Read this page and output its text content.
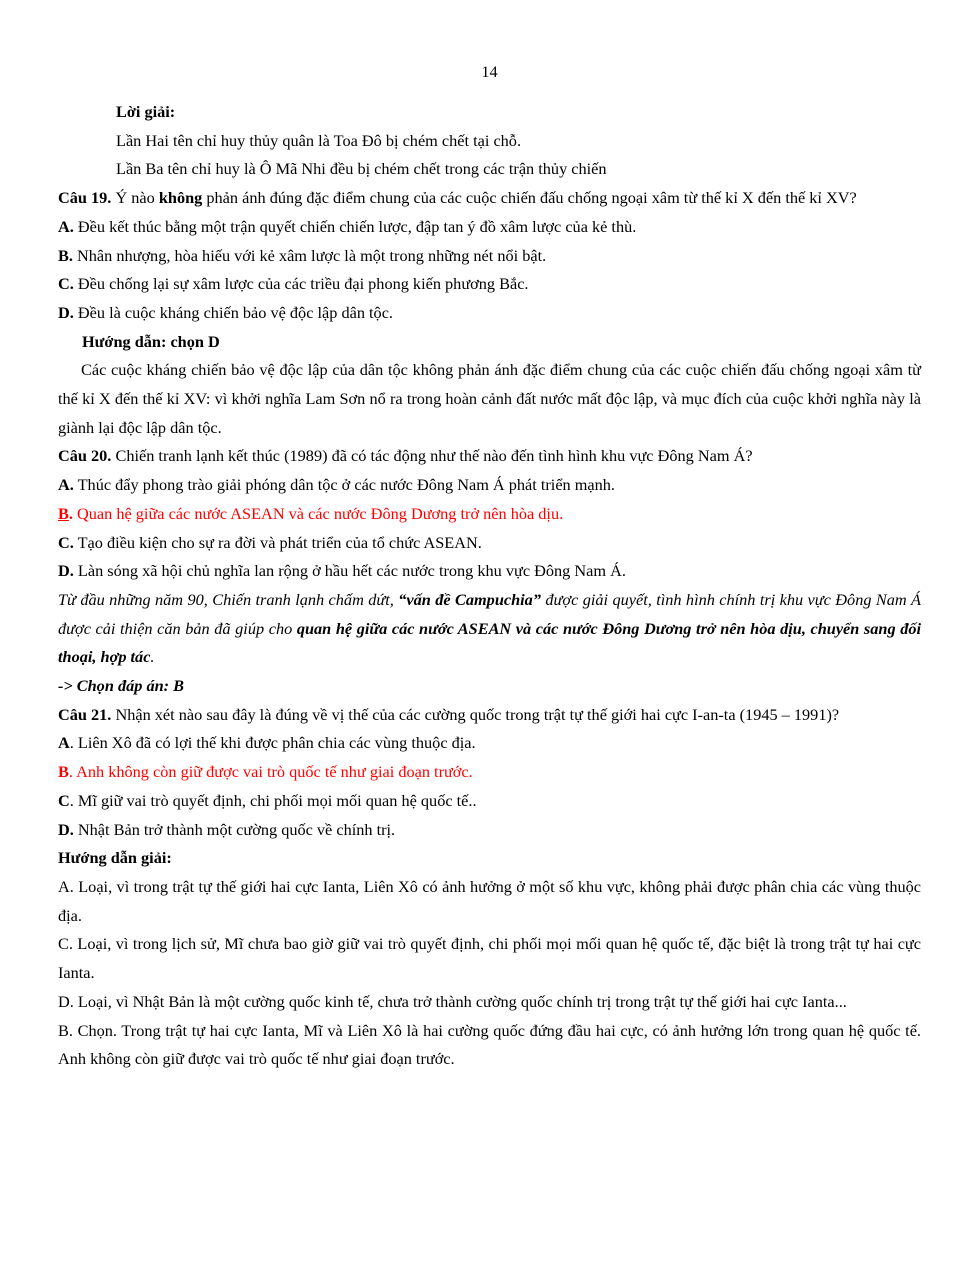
14

Lời giải:

Lần Hai tên chỉ huy thủy quân là Toa Đô bị chém chết tại chỗ.

Lần Ba tên chỉ huy là Ô Mã Nhi đều bị chém chết trong các trận thủy chiến

Câu 19. Ý nào không phản ánh đúng đặc điểm chung của các cuộc chiến đấu chống ngoại xâm từ thế kỉ X đến thế kỉ XV?

A. Đều kết thúc bằng một trận quyết chiến chiến lược, đập tan ý đồ xâm lược của kẻ thù.

B. Nhân nhượng, hòa hiếu với kẻ xâm lược là một trong những nét nổi bật.

C. Đều chống lại sự xâm lược của các triều đại phong kiến phương Bắc.

D. Đều là cuộc kháng chiến bảo vệ độc lập dân tộc.

Hướng dẫn: chọn D

Các cuộc kháng chiến bảo vệ độc lập của dân tộc không phản ánh đặc điểm chung của các cuộc chiến đấu chống ngoại xâm từ thế kỉ X đến thế kỉ XV: vì khởi nghĩa Lam Sơn nổ ra trong hoàn cảnh đất nước mất độc lập, và mục đích của cuộc khởi nghĩa này là giành lại độc lập dân tộc.

Câu 20. Chiến tranh lạnh kết thúc (1989) đã có tác động như thế nào đến tình hình khu vực Đông Nam Á?

A. Thúc đẩy phong trào giải phóng dân tộc ở các nước Đông Nam Á phát triển mạnh.

B. Quan hệ giữa các nước ASEAN và các nước Đông Dương trở nên hòa dịu.

C. Tạo điều kiện cho sự ra đời và phát triển của tổ chức ASEAN.

D. Làn sóng xã hội chủ nghĩa lan rộng ở hầu hết các nước trong khu vực Đông Nam Á.

Từ đầu những năm 90, Chiến tranh lạnh chấm dứt, “vấn đề Campuchia” được giải quyết, tình hình chính trị khu vực Đông Nam Á được cải thiện căn bản đã giúp cho quan hệ giữa các nước ASEAN và các nước Đông Dương trở nên hòa dịu, chuyển sang đối thoại, hợp tác.

-> Chọn đáp án: B

Câu 21. Nhận xét nào sau đây là đúng về vị thế của các cường quốc trong trật tự thế giới hai cực I-an-ta (1945 – 1991)?

A. Liên Xô đã có lợi thế khi được phân chia các vùng thuộc địa.

B. Anh không còn giữ được vai trò quốc tế như giai đoạn trước.

C. Mĩ giữ vai trò quyết định, chi phối mọi mối quan hệ quốc tế..

D. Nhật Bản trở thành một cường quốc về chính trị.

Hướng dẫn giải:

A. Loại, vì trong trật tự thế giới hai cực Ianta, Liên Xô có ảnh hưởng ở một số khu vực, không phải được phân chia các vùng thuộc địa.

C. Loại, vì trong lịch sử, Mĩ chưa bao giờ giữ vai trò quyết định, chi phối mọi mối quan hệ quốc tế, đặc biệt là trong trật tự hai cực Ianta.

D. Loại, vì Nhật Bản là một cường quốc kinh tế, chưa trở thành cường quốc chính trị trong trật tự thế giới hai cực Ianta...

B. Chọn. Trong trật tự hai cực Ianta, Mĩ và Liên Xô là hai cường quốc đứng đầu hai cực, có ảnh hưởng lớn trong quan hệ quốc tế. Anh không còn giữ được vai trò quốc tế như giai đoạn trước.
